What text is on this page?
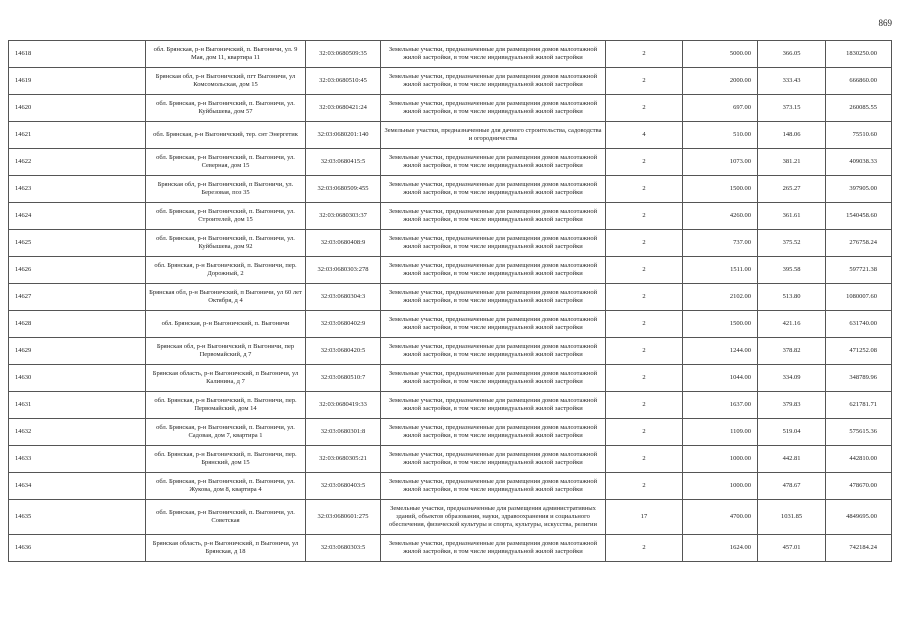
869
14618	обл. Брянская, р-н Выгоничский, п. Выгоничи, ул. 9 Мая, дом 11, квартира 11	32:03:0680509:35	Земельные участки, предназначенные для размещения домов малоэтажной жилой застройки, в том числе индивидуальной жилой застройки	2	5000.00	366.05	1830250.00
14619	Брянская обл, р-н Выгоничский, пгт Выгоничи, ул Комсомольская, дом 15	32:03:0680510:45	Земельные участки, предназначенные для размещения домов малоэтажной жилой застройки, в том числе индивидуальной жилой застройки	2	2000.00	333.43	666860.00
14620	обл. Брянская, р-н Выгоничский, п. Выгоничи, ул. Куйбышева, дом 57	32:03:0680421:24	Земельные участки, предназначенные для размещения домов малоэтажной жилой застройки, в том числе индивидуальной жилой застройки	2	697.00	373.15	260085.55
14621	обл. Брянская, р-н Выгоничский, тер. снт Энергетик	32:03:0680201:140	Земельные участки, предназначенные для дачного строительства, садоводства и огородничества	4	510.00	148.06	75510.60
14622	обл. Брянская, р-н Выгоничский, п. Выгоничи, ул. Северная, дом 15	32:03:0680415:5	Земельные участки, предназначенные для размещения домов малоэтажной жилой застройки, в том числе индивидуальной жилой застройки	2	1073.00	381.21	409038.33
14623	Брянская обл, р-н Выгоничский, п Выгоничи, ул. Березовая, поз 35	32:03:0680509:455	Земельные участки, предназначенные для размещения домов малоэтажной жилой застройки, в том числе индивидуальной жилой застройки	2	1500.00	265.27	397905.00
14624	обл. Брянская, р-н Выгоничский, п. Выгоничи, ул. Строителей, дом 15	32:03:0680303:37	Земельные участки, предназначенные для размещения домов малоэтажной жилой застройки, в том числе индивидуальной жилой застройки	2	4260.00	361.61	1540458.60
14625	обл. Брянская, р-н Выгоничский, п. Выгоничи, ул. Куйбышева, дом 92	32:03:0680408:9	Земельные участки, предназначенные для размещения домов малоэтажной жилой застройки, в том числе индивидуальной жилой застройки	2	737.00	375.52	276758.24
14626	обл. Брянская, р-н Выгоничский, п. Выгоничи, пер. Дорожный, 2	32:03:0680303:278	Земельные участки, предназначенные для размещения домов малоэтажной жилой застройки, в том числе индивидуальной жилой застройки	2	1511.00	395.58	597721.38
14627	Брянская обл, р-н Выгоничский, п Выгоничи, ул 60 лет Октября, д 4	32:03:0680304:3	Земельные участки, предназначенные для размещения домов малоэтажной жилой застройки, в том числе индивидуальной жилой застройки	2	2102.00	513.80	1080007.60
14628	обл. Брянская, р-н Выгоничский, п. Выгоничи	32:03:0680402:9	Земельные участки, предназначенные для размещения домов малоэтажной жилой застройки, в том числе индивидуальной жилой застройки	2	1500.00	421.16	631740.00
14629	Брянская обл, р-н Выгоничский, п Выгоничи, пер Первомайский, д 7	32:03:0680420:5	Земельные участки, предназначенные для размещения домов малоэтажной жилой застройки, в том числе индивидуальной жилой застройки	2	1244.00	378.82	471252.08
14630	Брянская область, р-н Выгоничский, п Выгоничи, ул Калинина, д 7	32:03:0680510:7	Земельные участки, предназначенные для размещения домов малоэтажной жилой застройки, в том числе индивидуальной жилой застройки	2	1044.00	334.09	348789.96
14631	обл. Брянская, р-н Выгоничский, п. Выгоничи, пер. Первомайский, дом 14	32:03:0680419:33	Земельные участки, предназначенные для размещения домов малоэтажной жилой застройки, в том числе индивидуальной жилой застройки	2	1637.00	379.83	621781.71
14632	обл. Брянская, р-н Выгоничский, п. Выгоничи, ул. Садовая, дом 7, квартира 1	32:03:0680301:8	Земельные участки, предназначенные для размещения домов малоэтажной жилой застройки, в том числе индивидуальной жилой застройки	2	1109.00	519.04	575615.36
14633	обл. Брянская, р-н Выгоничский, п. Выгоничи, пер. Брянский, дом 15	32:03:0680305:21	Земельные участки, предназначенные для размещения домов малоэтажной жилой застройки, в том числе индивидуальной жилой застройки	2	1000.00	442.81	442810.00
14634	обл. Брянская, р-н Выгоничский, п. Выгоничи, ул. Жукова, дом 8, квартира 4	32:03:0680403:5	Земельные участки, предназначенные для размещения домов малоэтажной жилой застройки, в том числе индивидуальной жилой застройки	2	1000.00	478.67	478670.00
14635	обл. Брянская, р-н Выгоничский, п. Выгоничи, ул. Советская	32:03:0680601:275	Земельные участки, предназначенные для размещения административных зданий, объектов образования, науки, здравоохранения и социального обеспечения, физической культуры и спорта, культуры, искусства, религии	17	4700.00	1031.85	4849695.00
14636	Брянская область, р-н Выгоничский, п Выгоничи, ул Брянская, д 18	32:03:0680303:5	Земельные участки, предназначенные для размещения домов малоэтажной жилой застройки, в том числе индивидуальной жилой застройки	2	1624.00	457.01	742184.24
